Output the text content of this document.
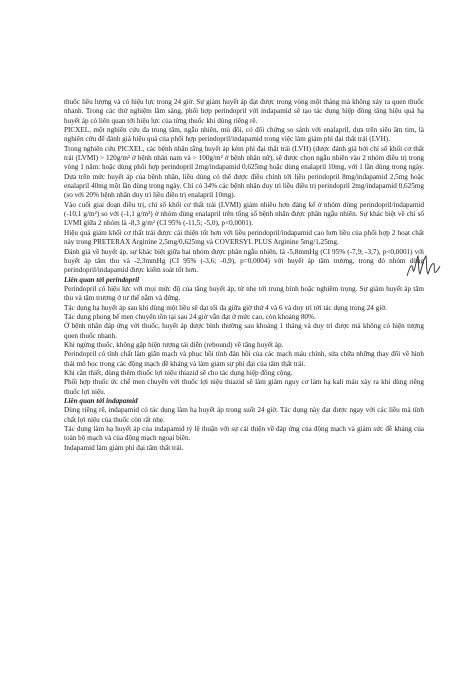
thuốc liều lượng và có hiệu lực trong 24 giờ. Sự giảm huyết áp đạt được trong vòng một tháng mà không xảy ra quen thuốc nhanh. Trong các thử nghiệm lâm sàng, phối hợp perindopril với indapamid sẽ tạo tác dụng hiệp đồng tăng hiệu quả hạ huyết áp có liên quan tới hiệu lực của từng thuốc khi dùng riêng rẽ.

PICXEL, một nghiên cứu đa trung tâm, ngẫu nhiên, mù đôi, có đối chứng so sánh với enalapril, dựa trên siêu âm tim, là nghiên cứu để đánh giá hiệu quả của phối hợp perindopril/indapamid trong việc làm giảm phì đại thất trái (LVH).

Trong nghiên cứu PICXEL, các bệnh nhân tăng huyết áp kèm phì đại thất trái (LVH) (được đánh giá bởi chỉ số khối cơ thất trái (LVMI) > 120g/m² ở bệnh nhân nam và > 100g/m² ở bệnh nhân nữ), sẽ được chọn ngẫu nhiên vào 2 nhóm điều trị trong vòng 1 năm: hoặc dùng phối hợp perindopril 2mg/indapamid 0,625mg hoặc dùng enalapril 10mg, với 1 lần dùng trong ngày. Dựa trên mức huyết áp của bệnh nhân, liều dùng có thể được điều chỉnh tới liều perindopril 8mg/indapamid 2,5mg hoặc enalapril 40mg một lần dùng trong ngày. Chỉ có 34% các bệnh nhân duy trì liều điều trị perindopril 2mg/indapamid 0,625mg (so với 20% bệnh nhân duy trì liều điều trị enalapril 10mg).

Vào cuối giai đoạn điều trị, chỉ số khối cơ thất trái (LVMI) giảm nhiều hơn đáng kể ở nhóm dùng perindopril/indapamid (-10,1 g/m²) so với (-1,1 g/m²) ở nhóm dùng enalapril trên tổng số bệnh nhân được phân ngẫu nhiên. Sự khác biệt về chỉ số LVMI giữa 2 nhóm là -8,3 g/m² (CI 95% (-11,5; -5,0), p<0,0001).

Hiệu quả giảm khối cơ thất trái được cải thiện tốt hơn với liều perindopril/indapamid cao hơn liều của phối hợp 2 hoạt chất này trong PRETERAX Arginine 2,5mg/0,625mg và COVERSYL PLUS Arginine 5mg/1,25mg.

Đánh giá về huyết áp, sự khác biệt giữa hai nhóm được phân ngẫu nhiên, là -5,8mmHg (CI 95% (-7,9; -3,7), p<0,0001) với huyết áp tâm thu và -2,3mmHg (CI 95% (-3,6; -0,9), p=0,0004) với huyết áp tâm trương, trong đó nhóm dùng perindopril/indapamid được kiểm soát tốt hơn.

Liên quan tới perindopril

Perindopril có hiệu lực với mọi mức độ của tăng huyết áp, từ nhẹ tới trung bình hoặc nghiêm trọng. Sự giảm huyết áp tâm thu và tâm trương ở tư thế nằm và đứng.

Tác dụng hạ huyết áp sau khi dùng một liều sẽ đạt tối đa giữa giờ thứ 4 và 6 và duy trì tới tác dụng trong 24 giờ.

Tác dụng phong bế men chuyển tồn tại sau 24 giờ vẫn đạt ở mức cao, còn khoảng 80%.

Ở bệnh nhân đáp ứng với thuốc, huyết áp được bình thường sau khoảng 1 tháng và duy trì được mà không có hiện tượng quen thuốc nhanh.

Khi ngừng thuốc, không gặp hiện tượng tái diễn (rebound) về tăng huyết áp.

Perindopril có tính chất làm giãn mạch và phục hồi tính đàn hồi của các mạch máu chính, sửa chữa những thay đổi về hình thái mô học trong các động mạch đề kháng và làm giảm sự phì đại của tâm thất trái.

Khi cần thiết, dùng thêm thuốc lợi niệu thiazid sẽ cho tác dụng hiệp đồng cộng.

Phối hợp thuốc ức chế men chuyển với thuốc lợi niệu thiazid sẽ làm giảm nguy cơ làm hạ kali máu xảy ra khi dùng riêng thuốc lợi niệu.

Liên quan tới indapamid

Dùng riêng rẽ, indapamid có tác dụng làm hạ huyết áp trong suốt 24 giờ. Tác dụng này đạt được ngay với các liều mà tính chất lợi niệu của thuốc còn rất nhẹ.

Tác dụng làm hạ huyết áp của indapamid tỷ lệ thuận với sự cải thiện về đáp ứng của động mạch và giảm sức đề kháng của toàn bộ mạch và của động mạch ngoại biên.

Indapamid làm giảm phì đại tâm thất trái.
